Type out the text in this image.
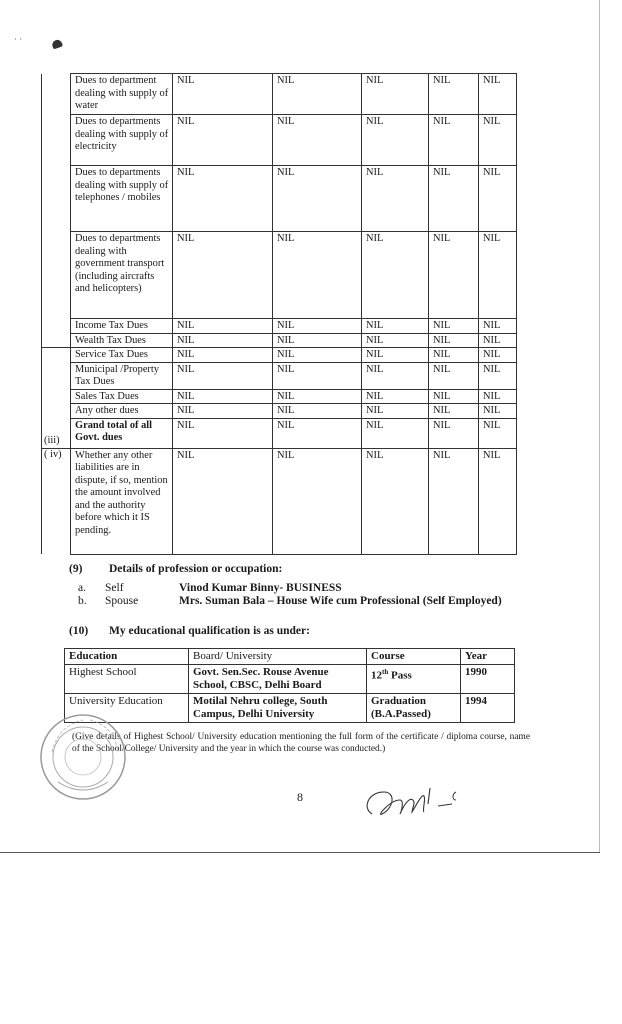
· ·
	Dues to department dealing with supply of water	NIL	NIL	NIL	NIL	NIL
	Dues to departments dealing with supply of electricity	NIL	NIL	NIL	NIL	NIL
	Dues to departments dealing with supply of telephones / mobiles	NIL	NIL	NIL	NIL	NIL
	Dues to departments dealing with government transport (including aircrafts and helicopters)	NIL	NIL	NIL	NIL	NIL
	Income Tax Dues	NIL	NIL	NIL	NIL	NIL
	Wealth Tax Dues	NIL	NIL	NIL	NIL	NIL
	Service Tax Dues	NIL	NIL	NIL	NIL	NIL
	Municipal /Property Tax Dues	NIL	NIL	NIL	NIL	NIL
	Sales Tax Dues	NIL	NIL	NIL	NIL	NIL
	Any other dues	NIL	NIL	NIL	NIL	NIL
(iii)	Grand total of all Govt. dues	NIL	NIL	NIL	NIL	NIL
( iv)	Whether any other liabilities are in dispute, if so, mention the amount involved and the authority before which it IS pending.	NIL	NIL	NIL	NIL	NIL
(9) Details of profession or occupation:
a. Self	Vinod Kumar Binny- BUSINESS
b. Spouse	Mrs. Suman Bala – House Wife cum Professional (Self Employed)
(10) My educational qualification is as under:
Education	Board/ University	Course	Year
Highest School	Govt. Sen.Sec. Rouse Avenue School, CBSC, Delhi Board	12th Pass	1990
University Education	Motilal Nehru college, South Campus, Delhi University	Graduation (B.A.Passed)	1994
(Give details of Highest School/ University education mentioning the full form of the certificate / diploma course, name of the School/College/ University and the year in which the course was conducted.)
8
